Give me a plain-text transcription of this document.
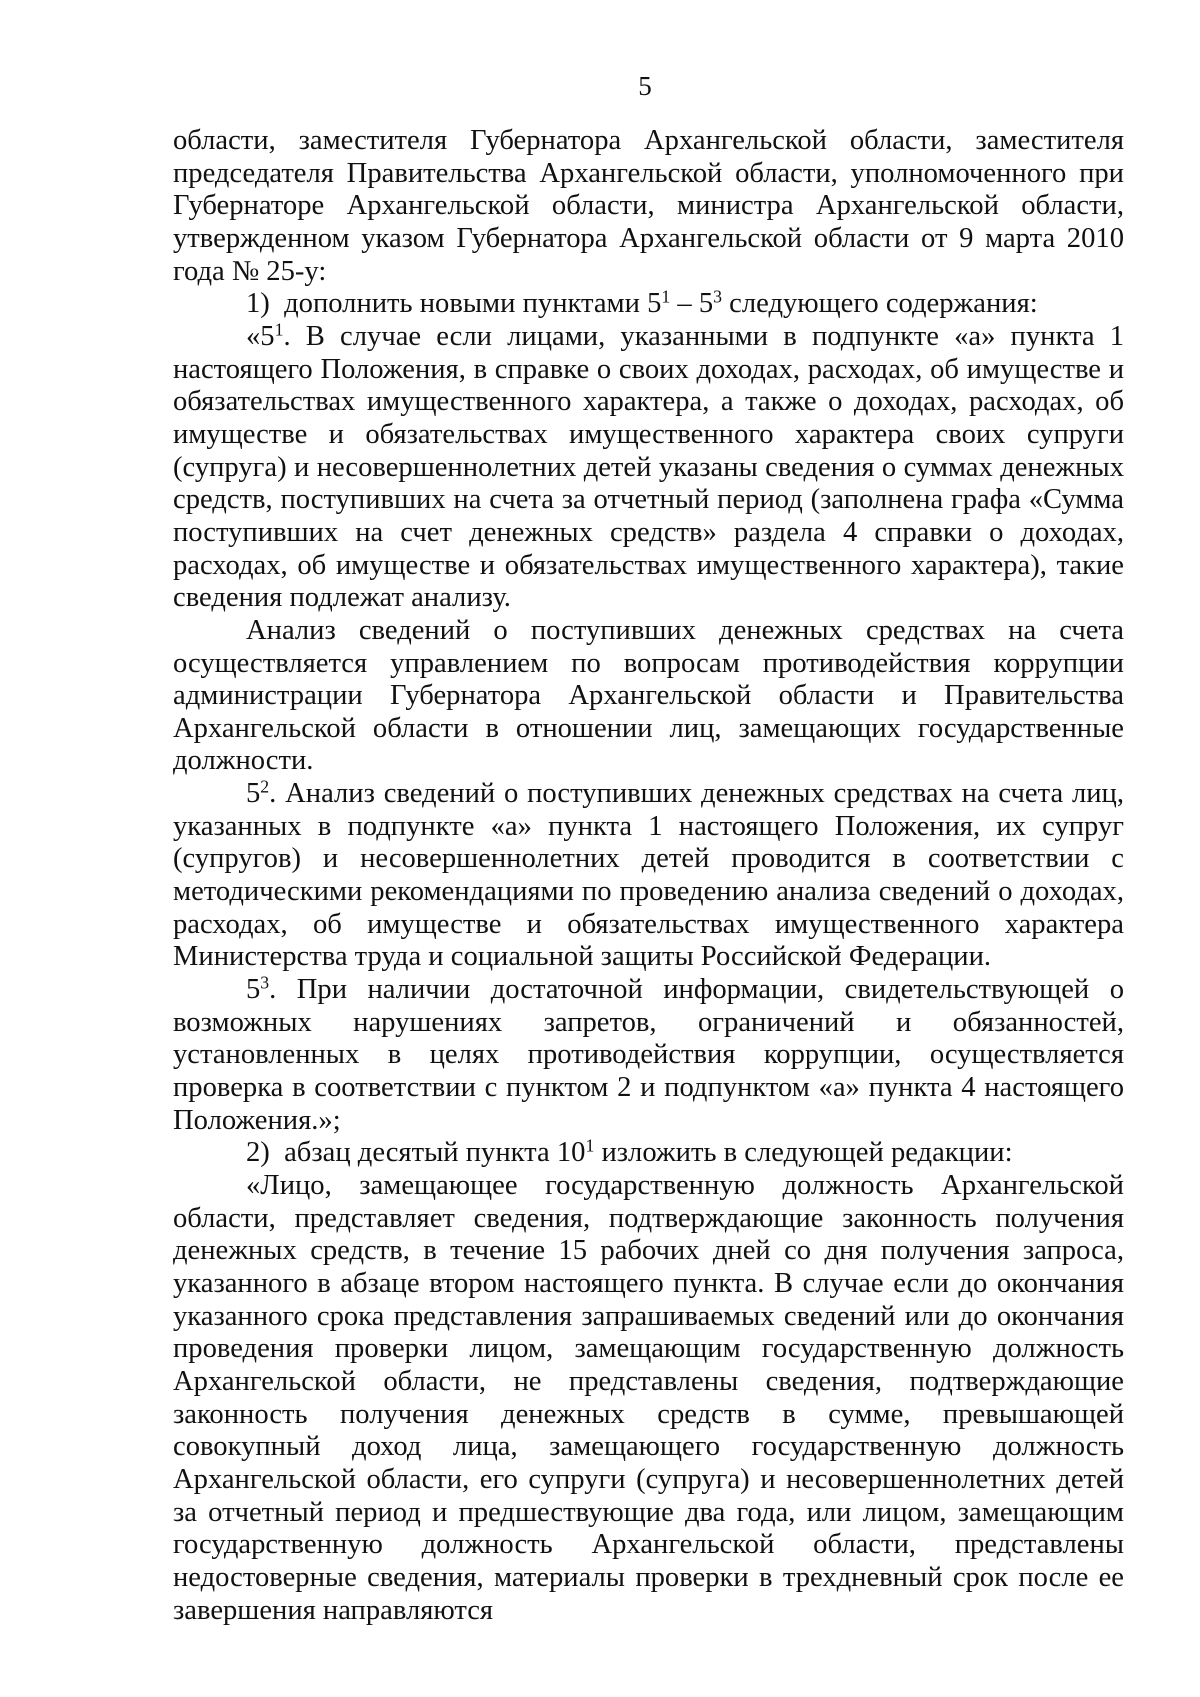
5

области, заместителя Губернатора Архангельской области, заместителя председателя Правительства Архангельской области, уполномоченного при Губернаторе Архангельской области, министра Архангельской области, утвержденном указом Губернатора Архангельской области от 9 марта 2010 года № 25-у:

1)  дополнить новыми пунктами $5^1 - 5^3$ следующего содержания:

«$5^1$. В случае если лицами, указанными в подпункте «а» пункта 1 настоящего Положения, в справке о своих доходах, расходах, об имуществе и обязательствах имущественного характера, а также о доходах, расходах, об имуществе и обязательствах имущественного характера своих супруги (супруга) и несовершеннолетних детей указаны сведения о суммах денежных средств, поступивших на счета за отчетный период (заполнена графа «Сумма поступивших на счет денежных средств» раздела 4 справки о доходах, расходах, об имуществе и обязательствах имущественного характера), такие сведения подлежат анализу.

Анализ сведений о поступивших денежных средствах на счета осуществляется управлением по вопросам противодействия коррупции администрации Губернатора Архангельской области и Правительства Архангельской области в отношении лиц, замещающих государственные должности.

$5^2$. Анализ сведений о поступивших денежных средствах на счета лиц, указанных в подпункте «а» пункта 1 настоящего Положения, их супруг (супругов) и несовершеннолетних детей проводится в соответствии с методическими рекомендациями по проведению анализа сведений о доходах, расходах, об имуществе и обязательствах имущественного характера Министерства труда и социальной защиты Российской Федерации.

$5^3$. При наличии достаточной информации, свидетельствующей о возможных нарушениях запретов, ограничений и обязанностей, установленных в целях противодействия коррупции, осуществляется проверка в соответствии с пунктом 2 и подпунктом «а» пункта 4 настоящего Положения.»;

2)  абзац десятый пункта $10^1$ изложить в следующей редакции:

«Лицо, замещающее государственную должность Архангельской области, представляет сведения, подтверждающие законность получения денежных средств, в течение 15 рабочих дней со дня получения запроса, указанного в абзаце втором настоящего пункта. В случае если до окончания указанного срока представления запрашиваемых сведений или до окончания проведения проверки лицом, замещающим государственную должность Архангельской области, не представлены сведения, подтверждающие законность получения денежных средств в сумме, превышающей совокупный доход лица, замещающего государственную должность Архангельской области, его супруги (супруга) и несовершеннолетних детей за отчетный период и предшествующие два года, или лицом, замещающим государственную должность Архангельской области, представлены недостоверные сведения, материалы проверки в трехдневный срок после ее завершения направляются
